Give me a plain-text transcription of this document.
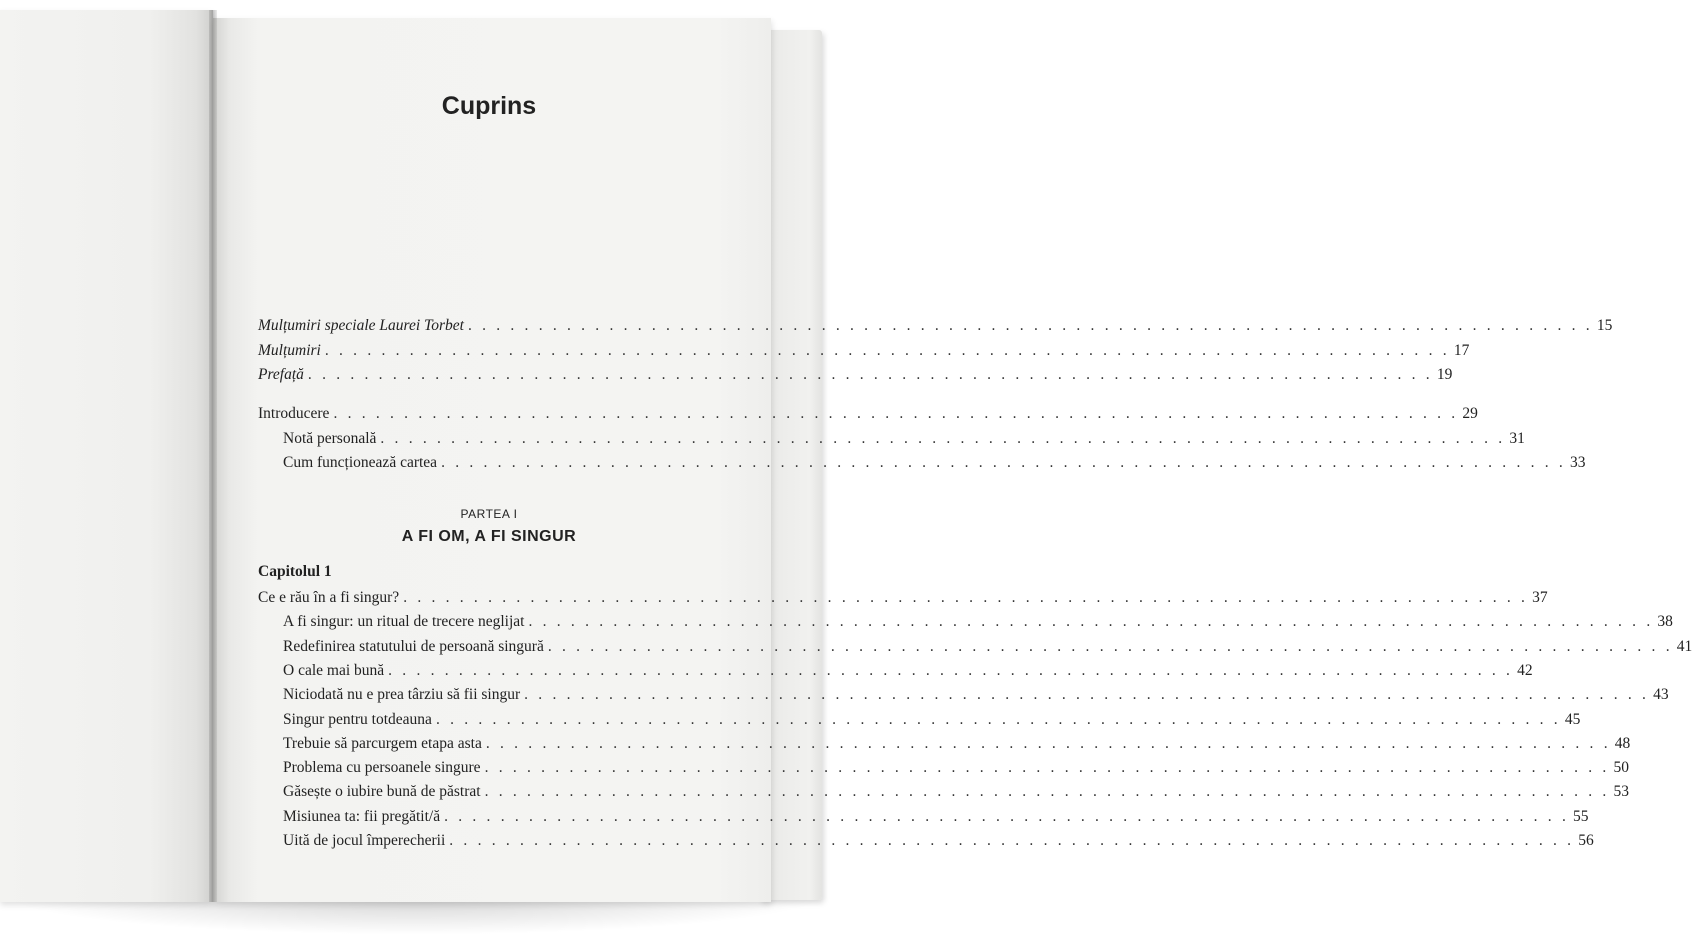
Cuprins
Mulțumiri speciale Laurei Torbet . . . . . . . . . . . . . . . . . . . . . . . . . . . . . . . . . . . . . . . . . . . . . . . . . . . . . . . . . . . . . . . . . . . . . . . . . . . . . . . . 15
Mulțumiri . . . . . . . . . . . . . . . . . . . . . . . . . . . . . . . . . . . . . . . . . . . . . . . . . . . . . . . . . . . . . . . . . . . . . . . . . . . . . . . . 17
Prefață . . . . . . . . . . . . . . . . . . . . . . . . . . . . . . . . . . . . . . . . . . . . . . . . . . . . . . . . . . . . . . . . . . . . . . . . . . . . . . . . 19
Introducere . . . . . . . . . . . . . . . . . . . . . . . . . . . . . . . . . . . . . . . . . . . . . . . . . . . . . . . . . . . . . . . . . . . . . . . . . . . . . . . . 29
Notă personală . . . . . . . . . . . . . . . . . . . . . . . . . . . . . . . . . . . . . . . . . . . . . . . . . . . . . . . . . . . . . . . . . . . . . . . . . . . . . . . . 31
Cum funcționează cartea . . . . . . . . . . . . . . . . . . . . . . . . . . . . . . . . . . . . . . . . . . . . . . . . . . . . . . . . . . . . . . . . . . . . . . . . . . . . . . . . 33
Ce e rău în a fi singur? . . . . . . . . . . . . . . . . . . . . . . . . . . . . . . . . . . . . . . . . . . . . . . . . . . . . . . . . . . . . . . . . . . . . . . . . . . . . . . . . 37
A fi singur: un ritual de trecere neglijat . . . . . . . . . . . . . . . . . . . . . . . . . . . . . . . . . . . . . . . . . . . . . . . . . . . . . . . . . . . . . . . . . . . . . . . . . . . . . . . . 38
Redefinirea statutului de persoană singură . . . . . . . . . . . . . . . . . . . . . . . . . . . . . . . . . . . . . . . . . . . . . . . . . . . . . . . . . . . . . . . . . . . . . . . . . . . . . . . . 41
O cale mai bună . . . . . . . . . . . . . . . . . . . . . . . . . . . . . . . . . . . . . . . . . . . . . . . . . . . . . . . . . . . . . . . . . . . . . . . . . . . . . . . . 42
Niciodată nu e prea târziu să fii singur . . . . . . . . . . . . . . . . . . . . . . . . . . . . . . . . . . . . . . . . . . . . . . . . . . . . . . . . . . . . . . . . . . . . . . . . . . . . . . . . 43
Singur pentru totdeauna . . . . . . . . . . . . . . . . . . . . . . . . . . . . . . . . . . . . . . . . . . . . . . . . . . . . . . . . . . . . . . . . . . . . . . . . . . . . . . . . 45
Trebuie să parcurgem etapa asta . . . . . . . . . . . . . . . . . . . . . . . . . . . . . . . . . . . . . . . . . . . . . . . . . . . . . . . . . . . . . . . . . . . . . . . . . . . . . . . . 48
Problema cu persoanele singure . . . . . . . . . . . . . . . . . . . . . . . . . . . . . . . . . . . . . . . . . . . . . . . . . . . . . . . . . . . . . . . . . . . . . . . . . . . . . . . . 50
Găsește o iubire bună de păstrat . . . . . . . . . . . . . . . . . . . . . . . . . . . . . . . . . . . . . . . . . . . . . . . . . . . . . . . . . . . . . . . . . . . . . . . . . . . . . . . . 53
Misiunea ta: fii pregătit/ă . . . . . . . . . . . . . . . . . . . . . . . . . . . . . . . . . . . . . . . . . . . . . . . . . . . . . . . . . . . . . . . . . . . . . . . . . . . . . . . . 55
Uită de jocul împerecherii . . . . . . . . . . . . . . . . . . . . . . . . . . . . . . . . . . . . . . . . . . . . . . . . . . . . . . . . . . . . . . . . . . . . . . . . . . . . . . . . 56
PARTEA I
A FI OM, A FI SINGUR
Capitolul 1
